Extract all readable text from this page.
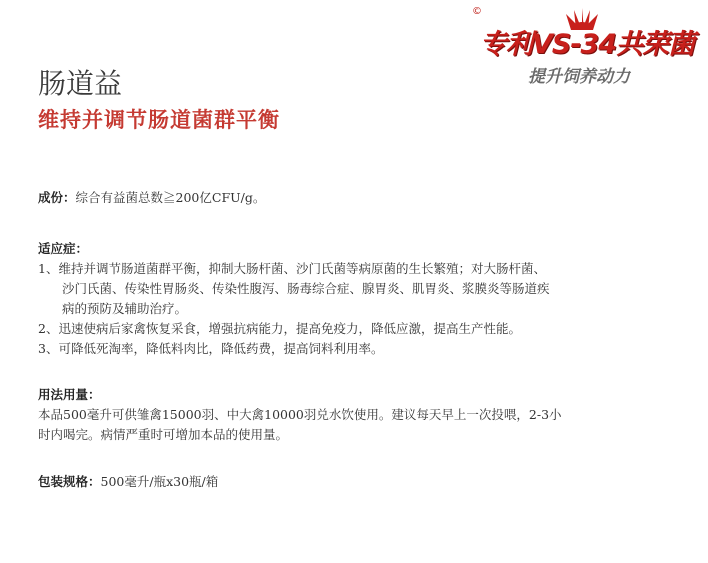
©
专利VS-34共荣菌
提升饲养动力
肠道益
维持并调节肠道菌群平衡

成份：综合有益菌总数≧200亿CFU/g。

适应症：
1、维持并调节肠道菌群平衡，抑制大肠杆菌、沙门氏菌等病原菌的生长繁殖；对大肠杆菌、
沙门氏菌、传染性胃肠炎、传染性腹泻、肠毒综合症、腺胃炎、肌胃炎、浆膜炎等肠道疾
病的预防及辅助治疗。
2、迅速使病后家禽恢复采食，增强抗病能力，提高免疫力，降低应激，提高生产性能。
3、可降低死淘率，降低料肉比，降低药费，提高饲料利用率。
用法用量：
本品500毫升可供雏禽15000羽、中大禽10000羽兑水饮使用。建议每天早上一次投喂，2-3小
时内喝完。病情严重时可增加本品的使用量。

包装规格：500毫升/瓶x30瓶/箱
